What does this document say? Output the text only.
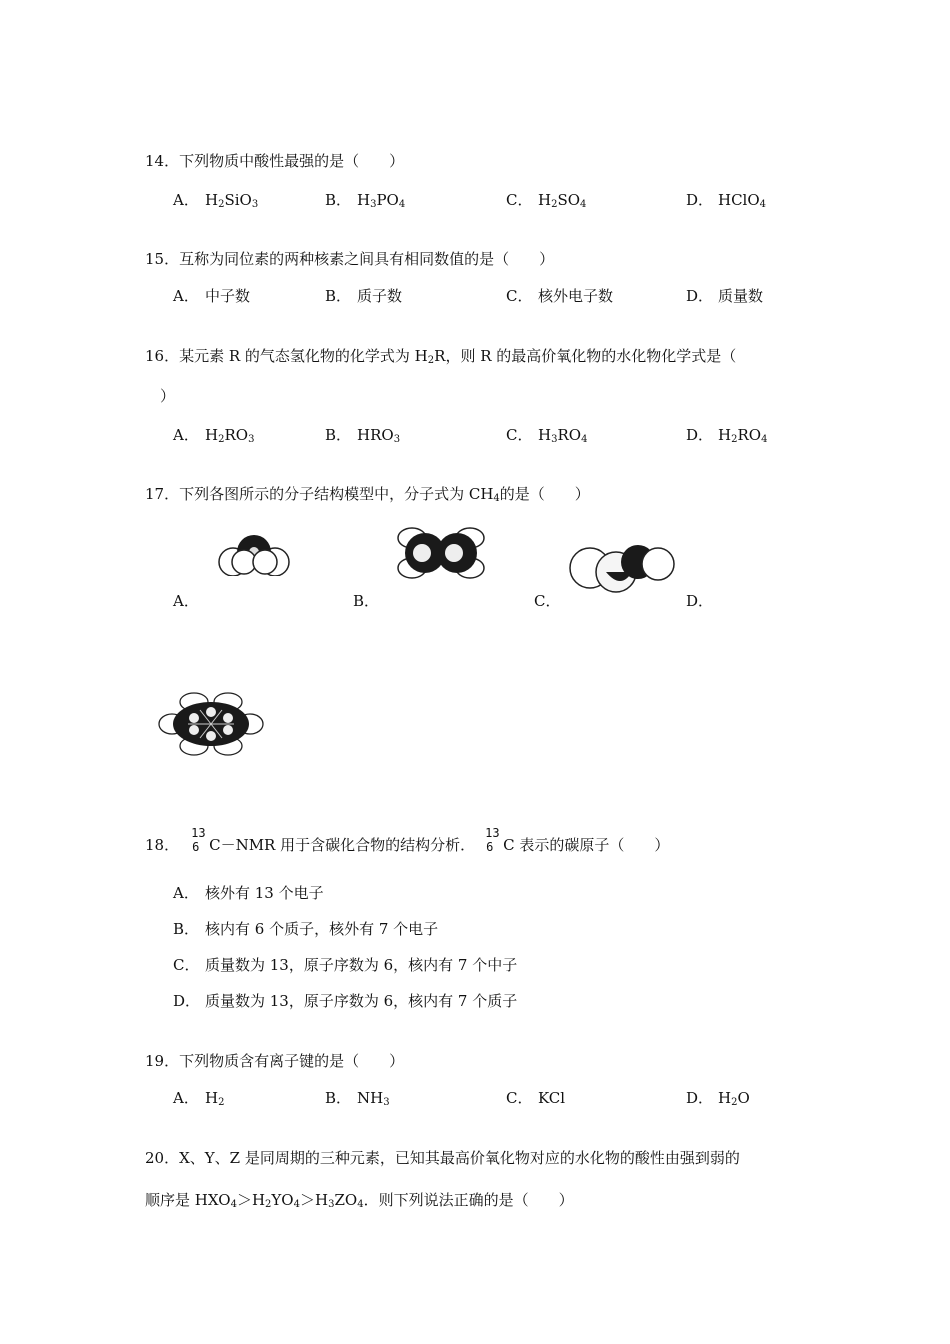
14．下列物质中酸性最强的是（　　）
A． $H_2SiO_3$	B． $H_3PO_4$	C． $H_2SO_4$	D． HClO$_4$
15．互称为同位素的两种核素之间具有相同数值的是（　　）
A． 中子数	B． 质子数	C． 核外电子数	D． 质量数
16．某元素 R 的气态氢化物的化学式为 $H_2R$，则 R 的最高价氧化物的水化物化学式是（
）
A． $H_2RO_3$	B． $HRO_3$	C． $H_3RO_4$	D． $H_2RO_4$
17．下列各图所示的分子结构模型中，分子式为 $CH_4$的是（　　）
A．	B．	C．	D．
18．
13
6 C－NMR 用于含碳化合物的结构分析．
13
6 C 表示的碳原子（　　）
A． 核外有 13 个电子
B． 核内有 6 个质子，核外有 7 个电子
C． 质量数为 13，原子序数为 6，核内有 7 个中子
D． 质量数为 13，原子序数为 6，核内有 7 个质子
19．下列物质含有离子键的是（　　）
A． $H_2$	B． $NH_3$	C． KCl	D． $H_2O$
20．X、Y、Z 是同周期的三种元素，已知其最高价氧化物对应的水化物的酸性由强到弱的
顺序是 $HXO_4>H_2YO_4>H_3ZO_4$．则下列说法正确的是（　　）
